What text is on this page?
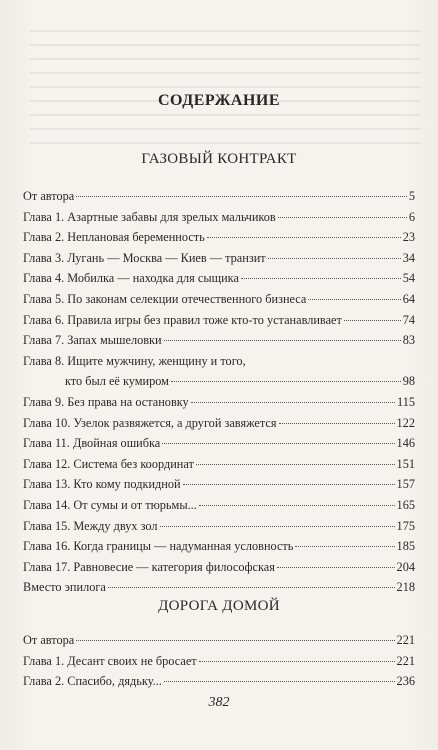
СОДЕРЖАНИЕ
ГАЗОВЫЙ КОНТРАКТ
От автора	5
Глава 1. Азартные забавы для зрелых мальчиков	6
Глава 2. Неплановая беременность	23
Глава 3. Лугань — Москва — Киев — транзит	34
Глава 4. Мобилка — находка для сыщика	54
Глава 5. По законам селекции отечественного бизнеса	64
Глава 6. Правила игры без правил тоже кто-то устанавливает	74
Глава 7. Запах мышеловки	83
Глава 8. Ищите мужчину, женщину и того,
кто был её кумиром	98
Глава 9. Без права на остановку	115
Глава 10. Узелок развяжется, а другой завяжется	122
Глава 11. Двойная ошибка	146
Глава 12. Система без координат	151
Глава 13. Кто кому подкидной	157
Глава 14. От сумы и от тюрьмы...	165
Глава 15. Между двух зол	175
Глава 16. Когда границы — надуманная условность	185
Глава 17. Равновесие — категория философская	204
Вместо эпилога	218
ДОРОГА ДОМОЙ
От автора	221
Глава 1. Десант своих не бросает	221
Глава 2. Спасибо, дядьку...	236
382
